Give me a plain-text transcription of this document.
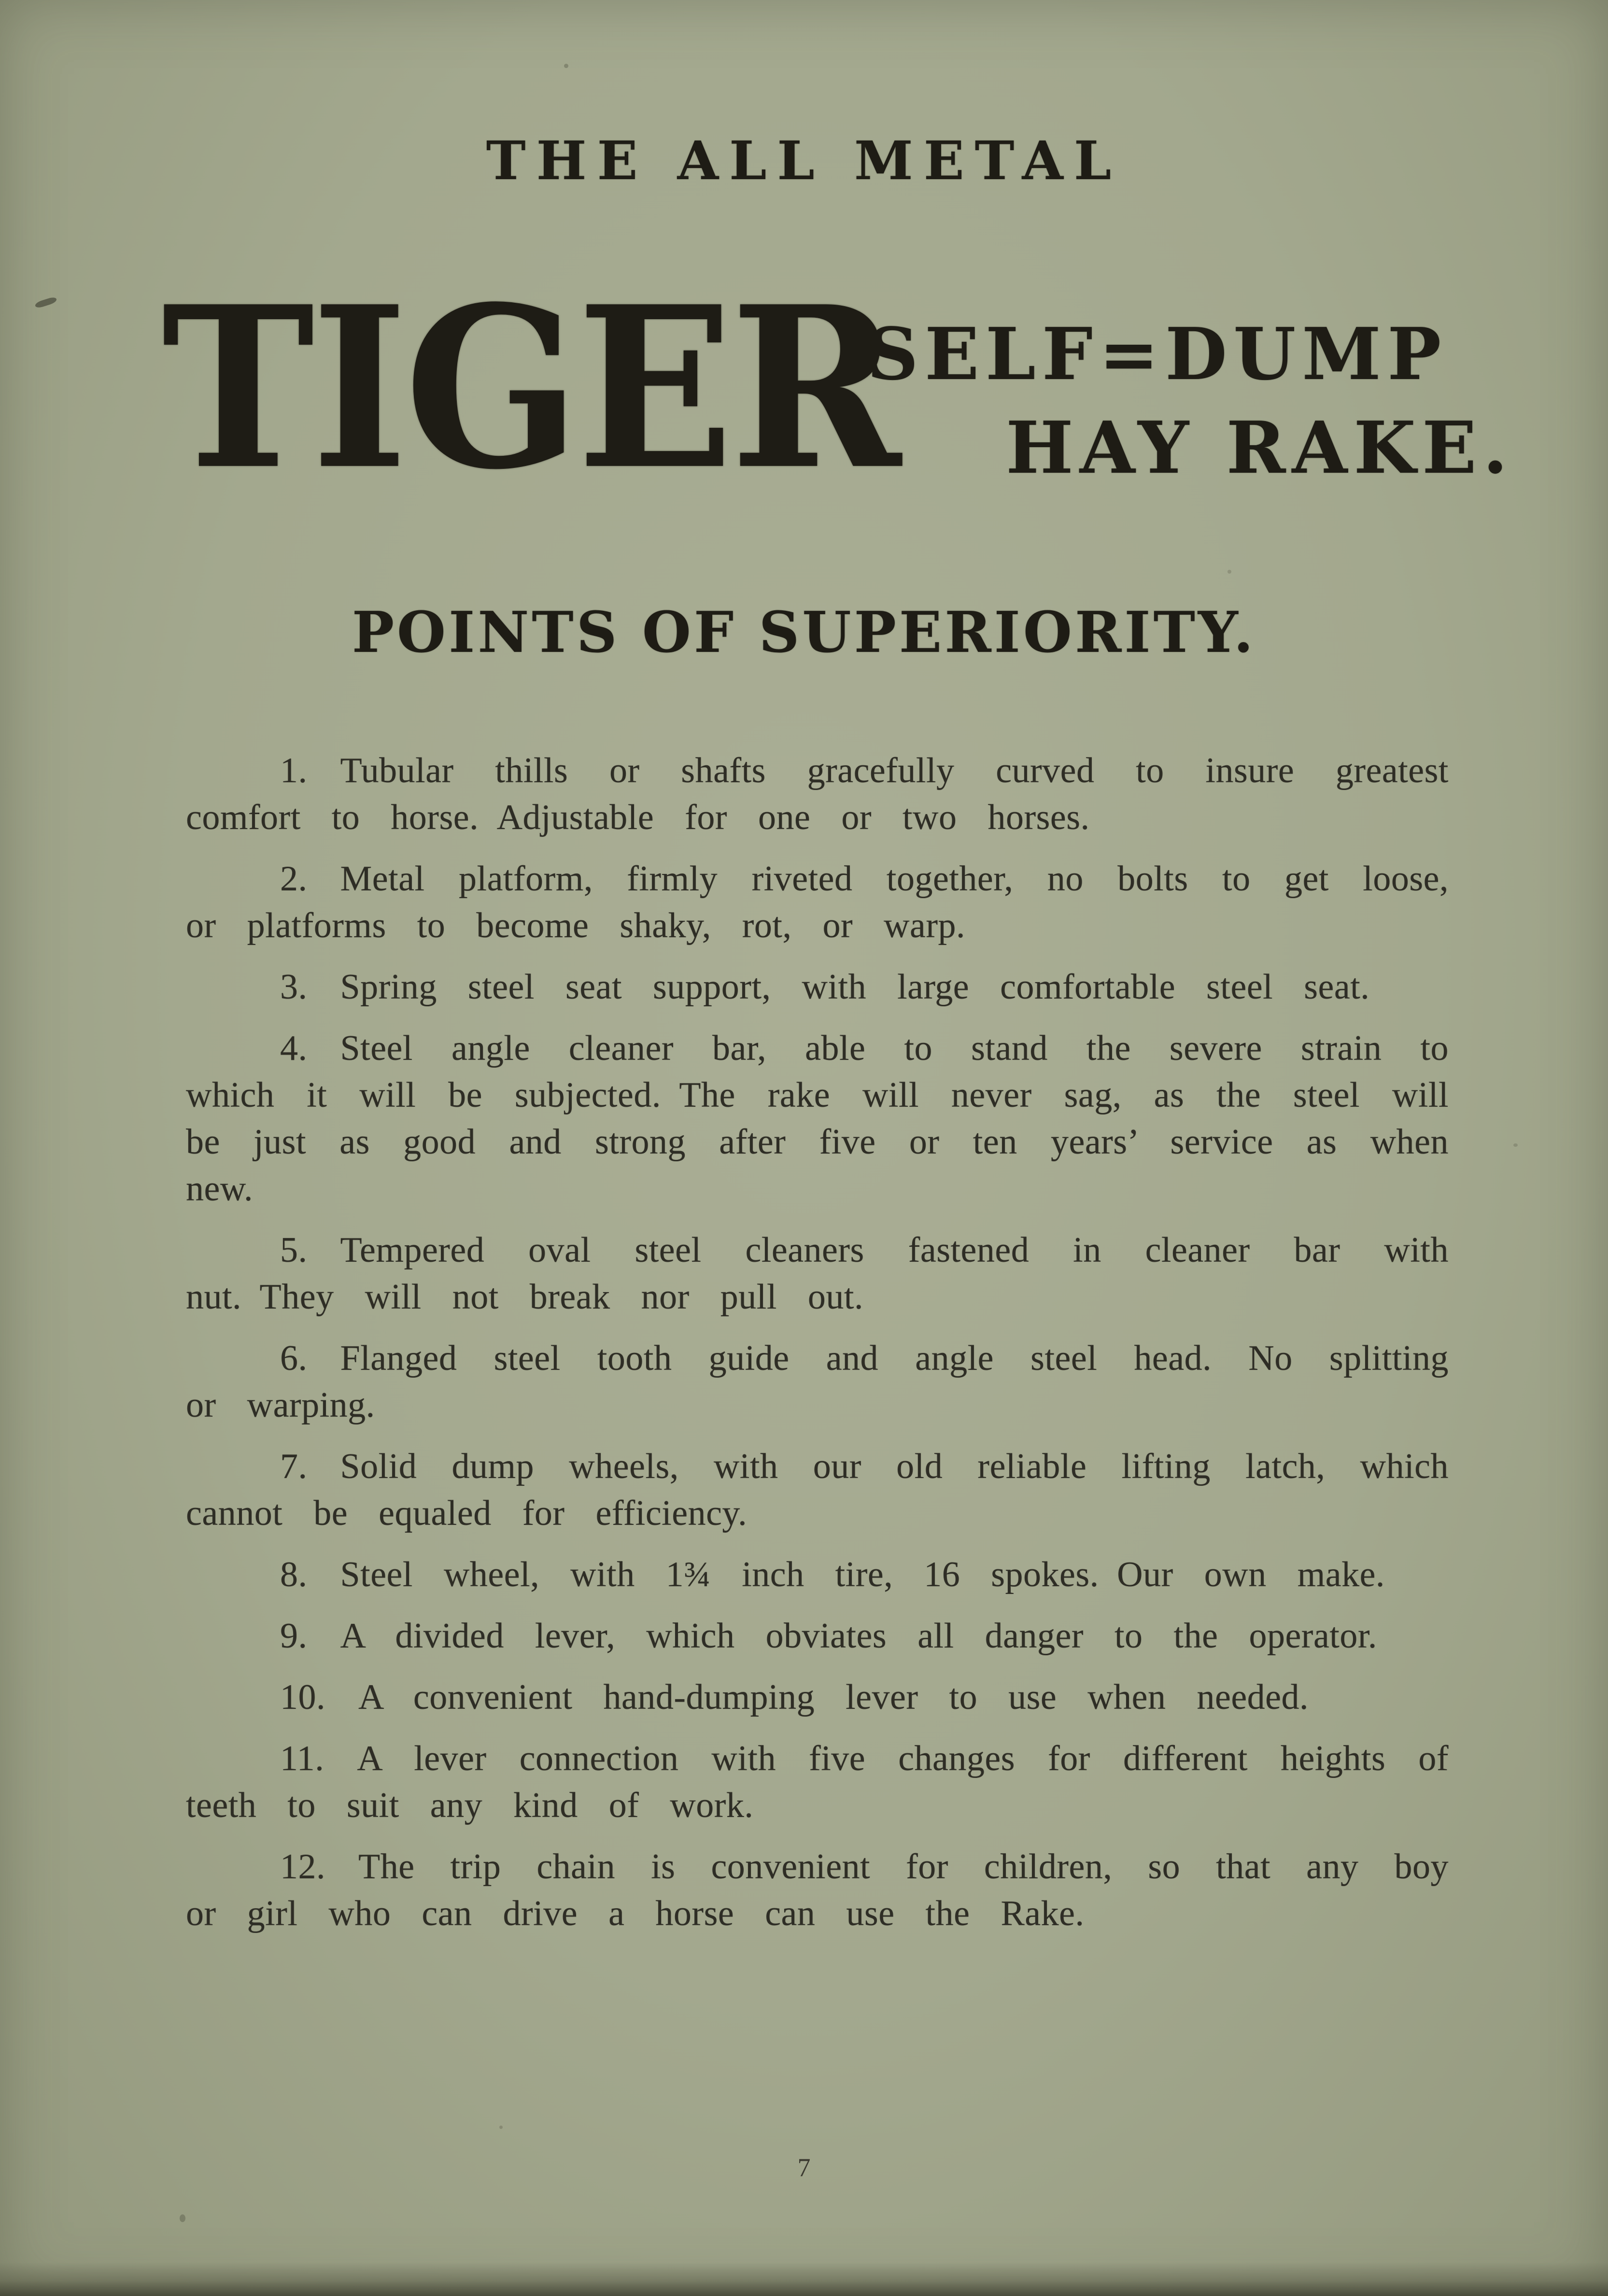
THE ALL METAL
TIGER
SELF=DUMP
HAY RAKE.
POINTS OF SUPERIORITY.

1. Tubular thills or shafts gracefully curved to insure greatest comfort to horse. Adjustable for one or two horses.

2. Metal platform, firmly riveted together, no bolts to get loose, or platforms to become shaky, rot, or warp.

3. Spring steel seat support, with large comfortable steel seat.

4. Steel angle cleaner bar, able to stand the severe strain to which it will be subjected. The rake will never sag, as the steel will be just as good and strong after five or ten years’ service as when new.

5. Tempered oval steel cleaners fastened in cleaner bar with nut. They will not break nor pull out.

6. Flanged steel tooth guide and angle steel head. No splitting or warping.

7. Solid dump wheels, with our old reliable lifting latch, which cannot be equaled for efficiency.

8. Steel wheel, with 1¾ inch tire, 16 spokes. Our own make.

9. A divided lever, which obviates all danger to the operator.

10. A convenient hand-dumping lever to use when needed.

11. A lever connection with five changes for different heights of teeth to suit any kind of work.

12. The trip chain is convenient for children, so that any boy or girl who can drive a horse can use the Rake.

7
